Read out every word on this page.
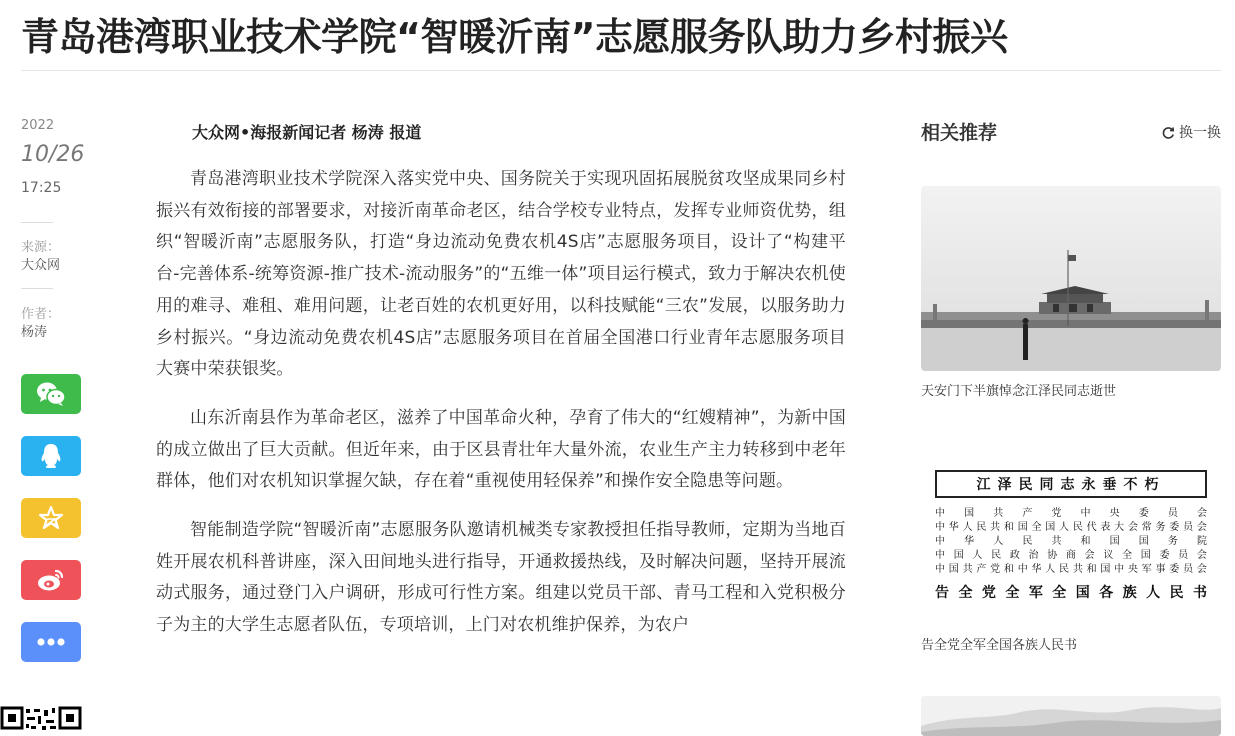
青岛港湾职业技术学院“智暖沂南”志愿服务队助力乡村振兴
2022
10/26
17:25
来源：
大众网
作者：
杨涛
大众网•海报新闻记者 杨涛 报道

青岛港湾职业技术学院深入落实党中央、国务院关于实现巩固拓展脱贫攻坚成果同乡村振兴有效衔接的部署要求，对接沂南革命老区，结合学校专业特点，发挥专业师资优势，组织“智暖沂南”志愿服务队，打造“身边流动免费农机4S店”志愿服务项目，设计了“构建平台-完善体系-统筹资源-推广技术-流动服务”的“五维一体”项目运行模式，致力于解决农机使用的难寻、难租、难用问题，让老百姓的农机更好用，以科技赋能“三农”发展，以服务助力乡村振兴。“身边流动免费农机4S店”志愿服务项目在首届全国港口行业青年志愿服务项目大赛中荣获银奖。

山东沂南县作为革命老区，滋养了中国革命火种，孕育了伟大的“红嫂精神”，为新中国的成立做出了巨大贡献。但近年来，由于区县青壮年大量外流，农业生产主力转移到中老年群体，他们对农机知识掌握欠缺，存在着“重视使用轻保养”和操作安全隐患等问题。

智能制造学院“智暖沂南”志愿服务队邀请机械类专家教授担任指导教师，定期为当地百姓开展农机科普讲座，深入田间地头进行指导，开通救援热线，及时解决问题，坚持开展流动式服务，通过登门入户调研，形成可行性方案。组建以党员干部、青马工程和入党积极分子为主的大学生志愿者队伍，专项培训，上门对农机维护保养，为农户

相关推荐	换一换
天安门下半旗悼念江泽民同志逝世
江泽民同志永垂不朽
中 国 共 产 党 中 央 委 员 会
中 华 人 民 共 和 国 全 国 人 民 代 表 大 会 常 务 委 员 会
中 华 人 民 共 和 国 国 务 院
中 国 人 民 政 治 协 商 会 议 全 国 委 员 会
中 国 共 产 党 和 中 华 人 民 共 和 国 中 央 军 事 委 员 会
告 全 党 全 军 全 国 各 族 人 民 书
告全党全军全国各族人民书
